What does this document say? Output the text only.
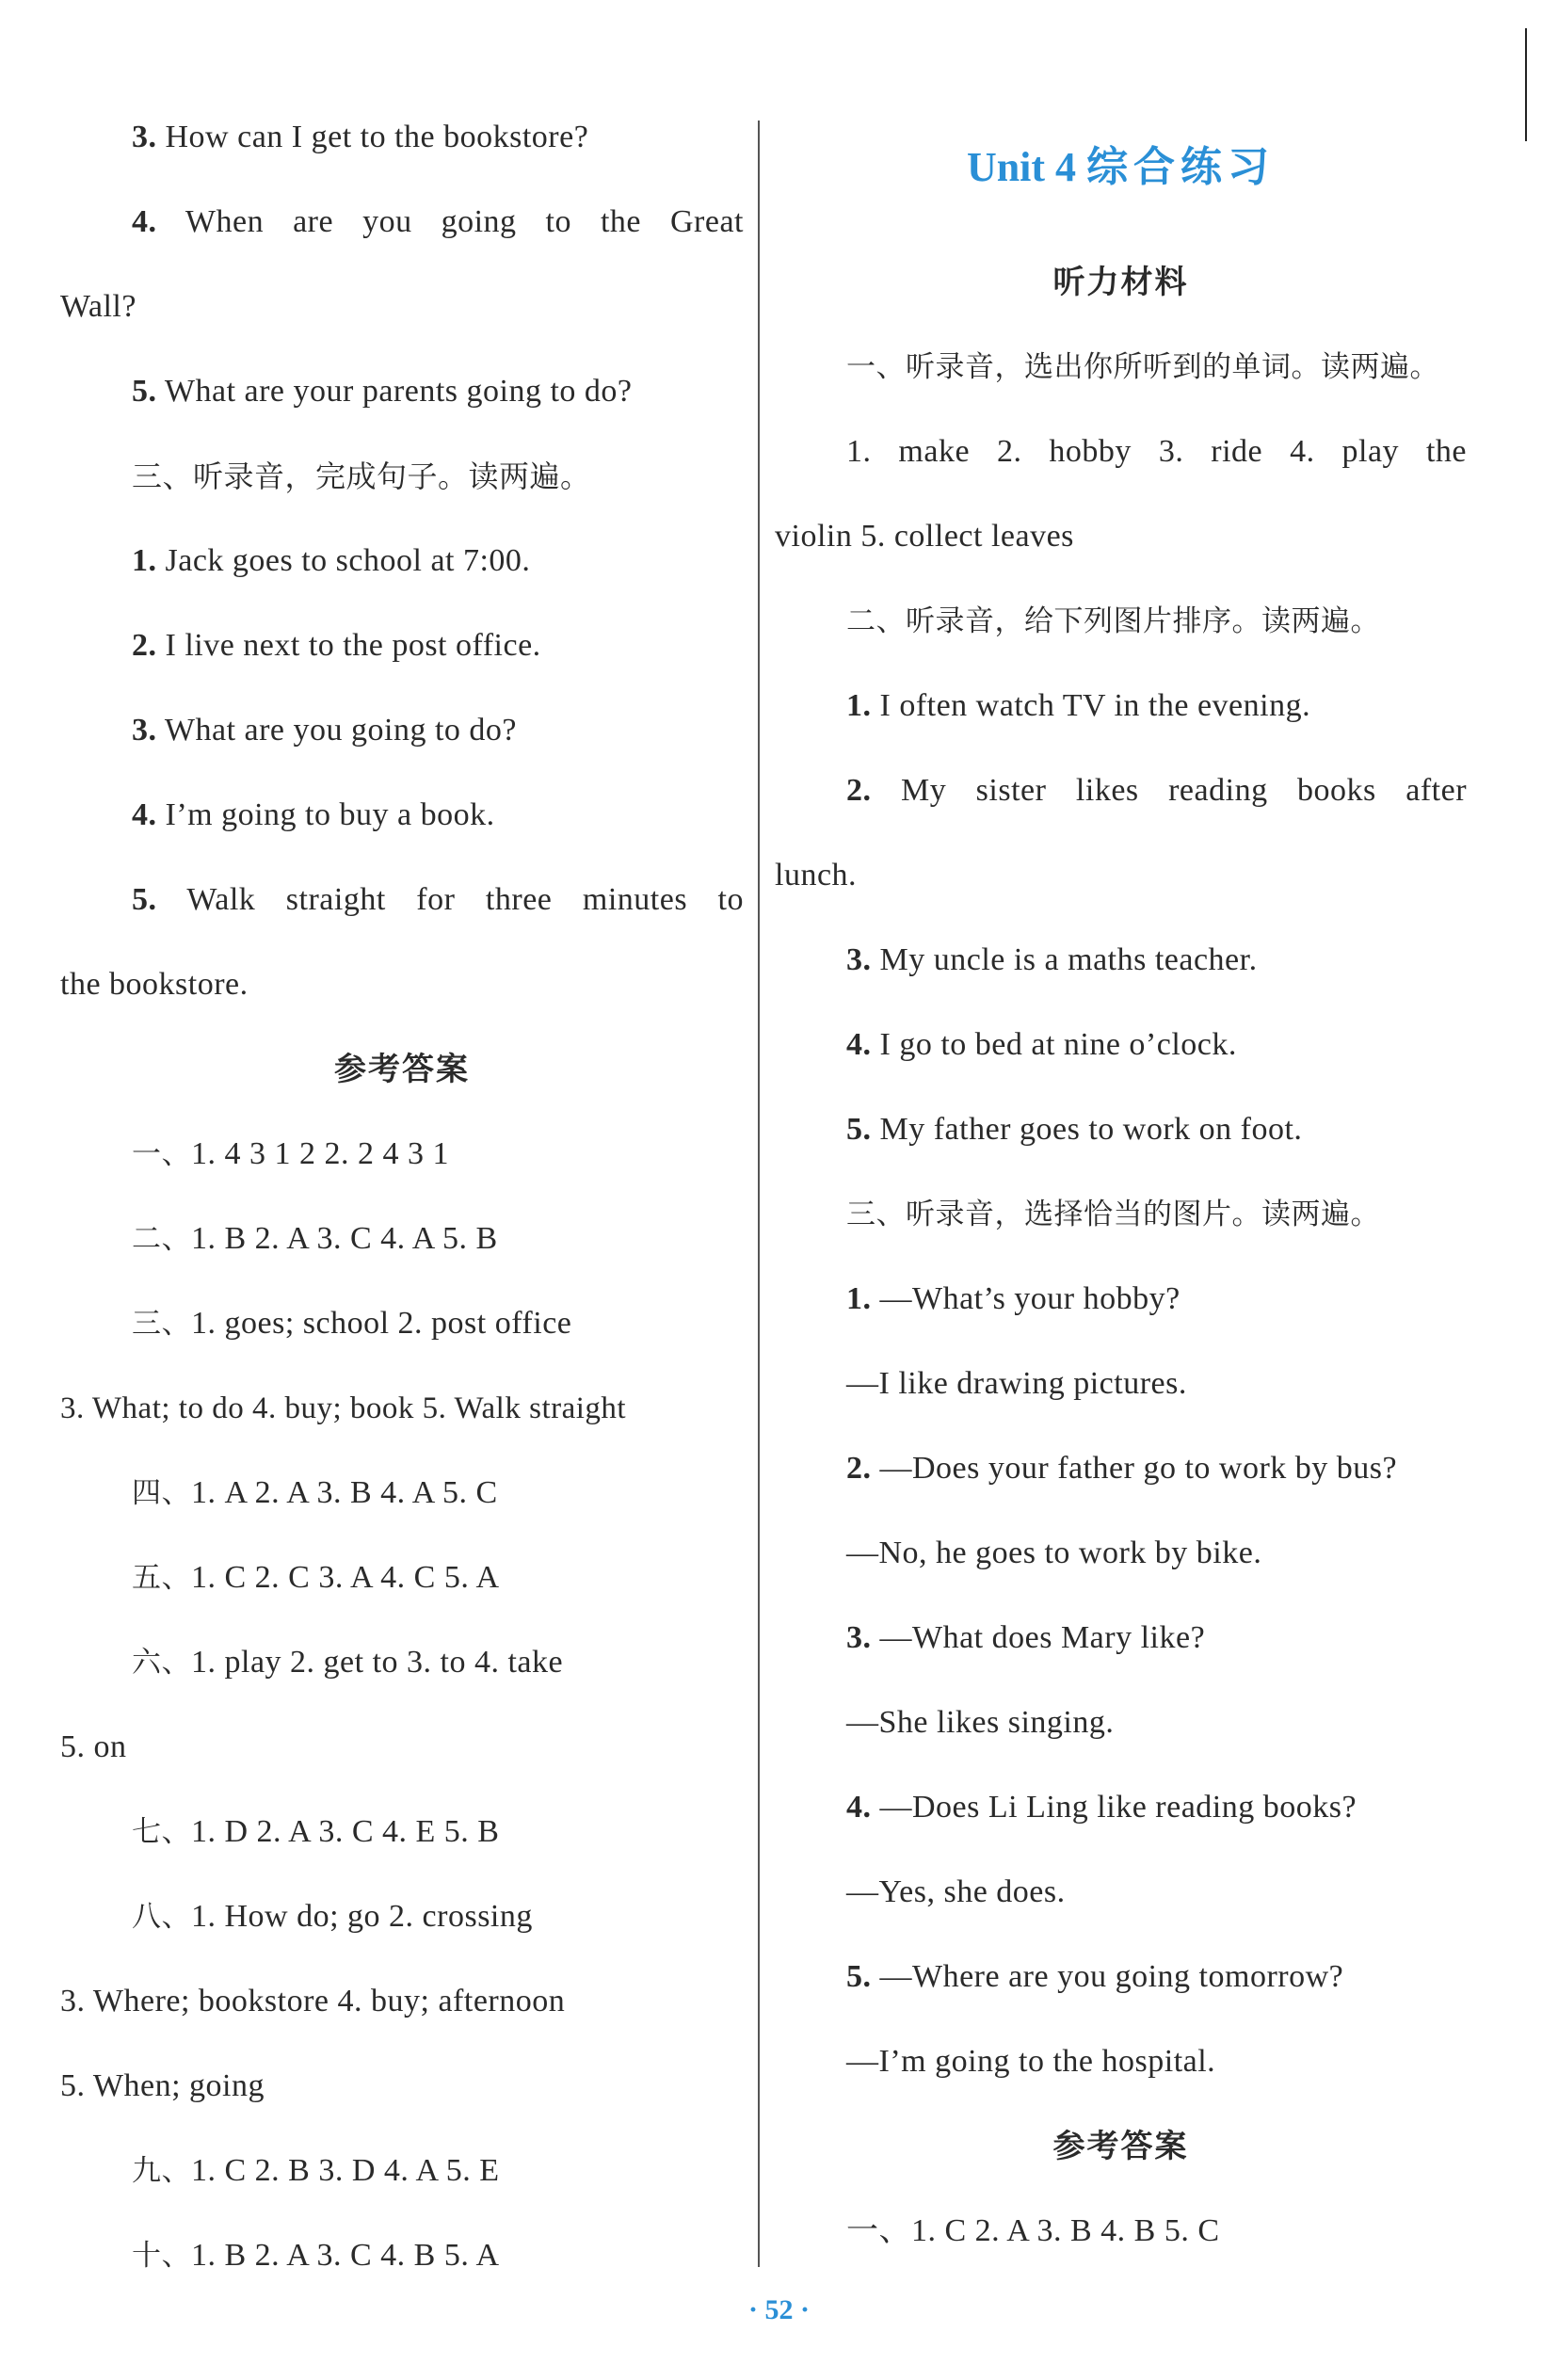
3. How can I get to the bookstore?
4. When are you going to the Great
Wall?
5. What are your parents going to do?
三、听录音，完成句子。读两遍。
1. Jack goes to school at 7:00.
2. I live next to the post office.
3. What are you going to do?
4. I’m going to buy a book.
5. Walk straight for three minutes to
the bookstore.
参考答案
一、1. 4 3 1 2 2. 2 4 3 1
二、1. B 2. A 3. C 4. A 5. B
三、1. goes; school 2. post office
3. What; to do 4. buy; book 5. Walk straight
四、1. A 2. A 3. B 4. A 5. C
五、1. C 2. C 3. A 4. C 5. A
六、1. play 2. get to 3. to 4. take
5. on
七、1. D 2. A 3. C 4. E 5. B
八、1. How do; go 2. crossing
3. Where; bookstore 4. buy; afternoon
5. When; going
九、1. C 2. B 3. D 4. A 5. E
十、1. B 2. A 3. C 4. B 5. A
Unit 4 综合练习
听力材料
一、听录音，选出你所听到的单词。读两遍。
1. make 2. hobby 3. ride 4. play the
violin 5. collect leaves
二、听录音，给下列图片排序。读两遍。
1. I often watch TV in the evening.
2. My sister likes reading books after
lunch.
3. My uncle is a maths teacher.
4. I go to bed at nine o’clock.
5. My father goes to work on foot.
三、听录音，选择恰当的图片。读两遍。
1. —What’s your hobby?
—I like drawing pictures.
2. —Does your father go to work by bus?
—No, he goes to work by bike.
3. —What does Mary like?
—She likes singing.
4. —Does Li Ling like reading books?
—Yes, she does.
5. —Where are you going tomorrow?
—I’m going to the hospital.
参考答案
一、1. C 2. A 3. B 4. B 5. C
· 52 ·
